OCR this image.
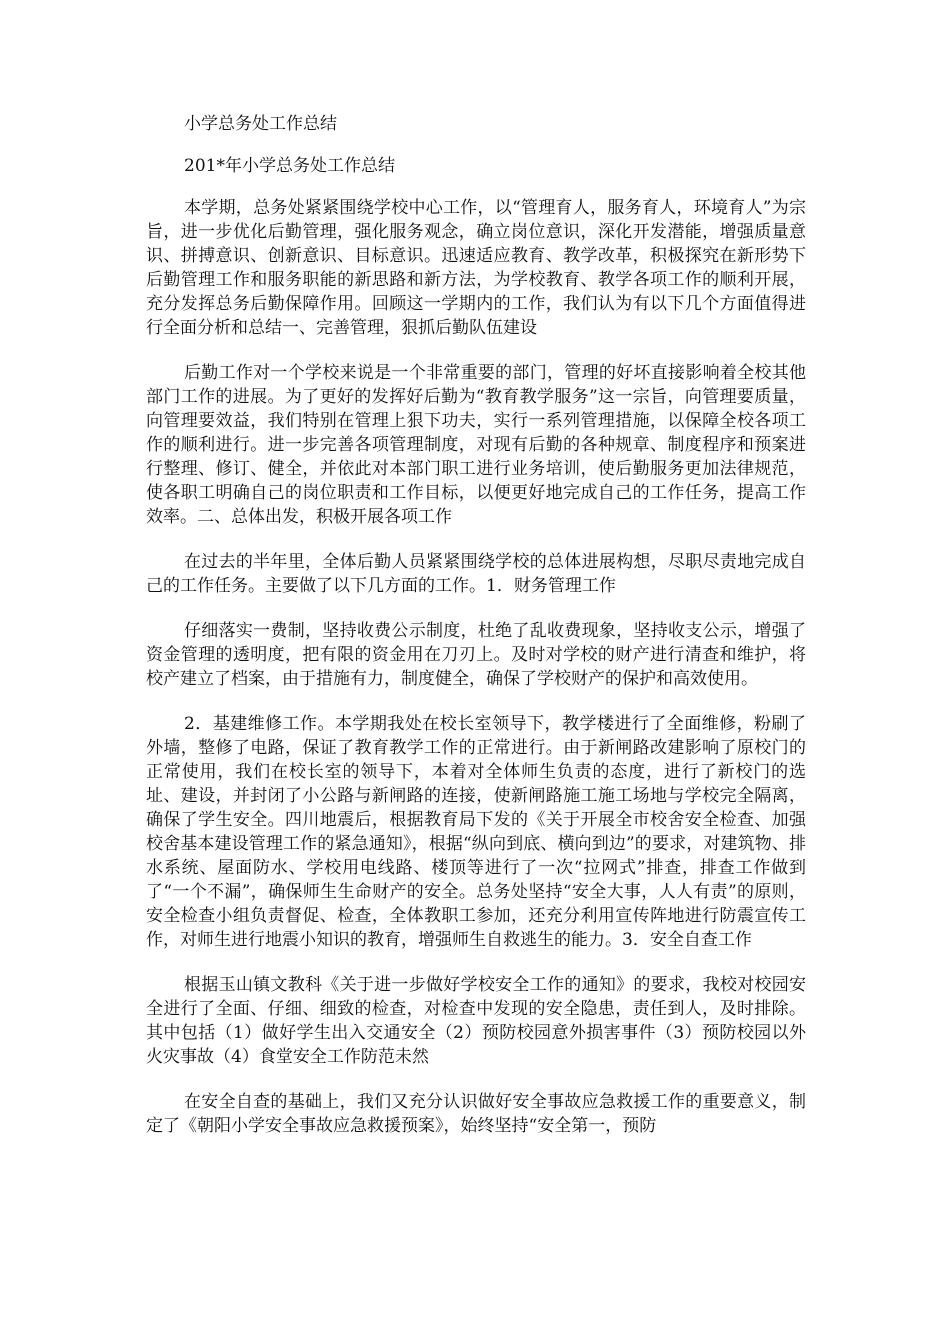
小学总务处工作总结
201*年小学总务处工作总结

本学期，总务处紧紧围绕学校中心工作，以“管理育人，服务育人，环境育人”为宗旨，进一步优化后勤管理，强化服务观念，确立岗位意识，深化开发潜能，增强质量意识、拼搏意识、创新意识、目标意识。迅速适应教育、教学改革，积极探究在新形势下后勤管理工作和服务职能的新思路和新方法，为学校教育、教学各项工作的顺利开展，充分发挥总务后勤保障作用。回顾这一学期内的工作，我们认为有以下几个方面值得进行全面分析和总结一、完善管理，狠抓后勤队伍建设

后勤工作对一个学校来说是一个非常重要的部门，管理的好坏直接影响着全校其他部门工作的进展。为了更好的发挥好后勤为“教育教学服务”这一宗旨，向管理要质量，向管理要效益，我们特别在管理上狠下功夫，实行一系列管理措施，以保障全校各项工作的顺利进行。进一步完善各项管理制度，对现有后勤的各种规章、制度程序和预案进行整理、修订、健全，并依此对本部门职工进行业务培训，使后勤服务更加法律规范，使各职工明确自己的岗位职责和工作目标，以便更好地完成自己的工作任务，提高工作效率。二、总体出发，积极开展各项工作

在过去的半年里，全体后勤人员紧紧围绕学校的总体进展构想，尽职尽责地完成自己的工作任务。主要做了以下几方面的工作。1．财务管理工作

仔细落实一费制，坚持收费公示制度，杜绝了乱收费现象，坚持收支公示，增强了资金管理的透明度，把有限的资金用在刀刃上。及时对学校的财产进行清查和维护，将校产建立了档案，由于措施有力，制度健全，确保了学校财产的保护和高效使用。

2．基建维修工作。本学期我处在校长室领导下，教学楼进行了全面维修，粉刷了外墙，整修了电路，保证了教育教学工作的正常进行。由于新闸路改建影响了原校门的正常使用，我们在校长室的领导下，本着对全体师生负责的态度，进行了新校门的选址、建设，并封闭了小公路与新闸路的连接，使新闸路施工施工场地与学校完全隔离，确保了学生安全。四川地震后，根据教育局下发的《关于开展全市校舍安全检查、加强校舍基本建设管理工作的紧急通知》，根据“纵向到底、横向到边”的要求，对建筑物、排水系统、屋面防水、学校用电线路、楼顶等进行了一次“拉网式”排查，排查工作做到了“一个不漏”，确保师生生命财产的安全。总务处坚持“安全大事，人人有责”的原则，安全检查小组负责督促、检查，全体教职工参加，还充分利用宣传阵地进行防震宣传工作，对师生进行地震小知识的教育，增强师生自救逃生的能力。3．安全自查工作

根据玉山镇文教科《关于进一步做好学校安全工作的通知》的要求，我校对校园安全进行了全面、仔细、细致的检查，对检查中发现的安全隐患，责任到人，及时排除。其中包括（1）做好学生出入交通安全（2）预防校园意外损害事件（3）预防校园以外火灾事故（4）食堂安全工作防范未然

在安全自查的基础上，我们又充分认识做好安全事故应急救援工作的重要意义，制定了《朝阳小学安全事故应急救援预案》，始终坚持“安全第一，预防
